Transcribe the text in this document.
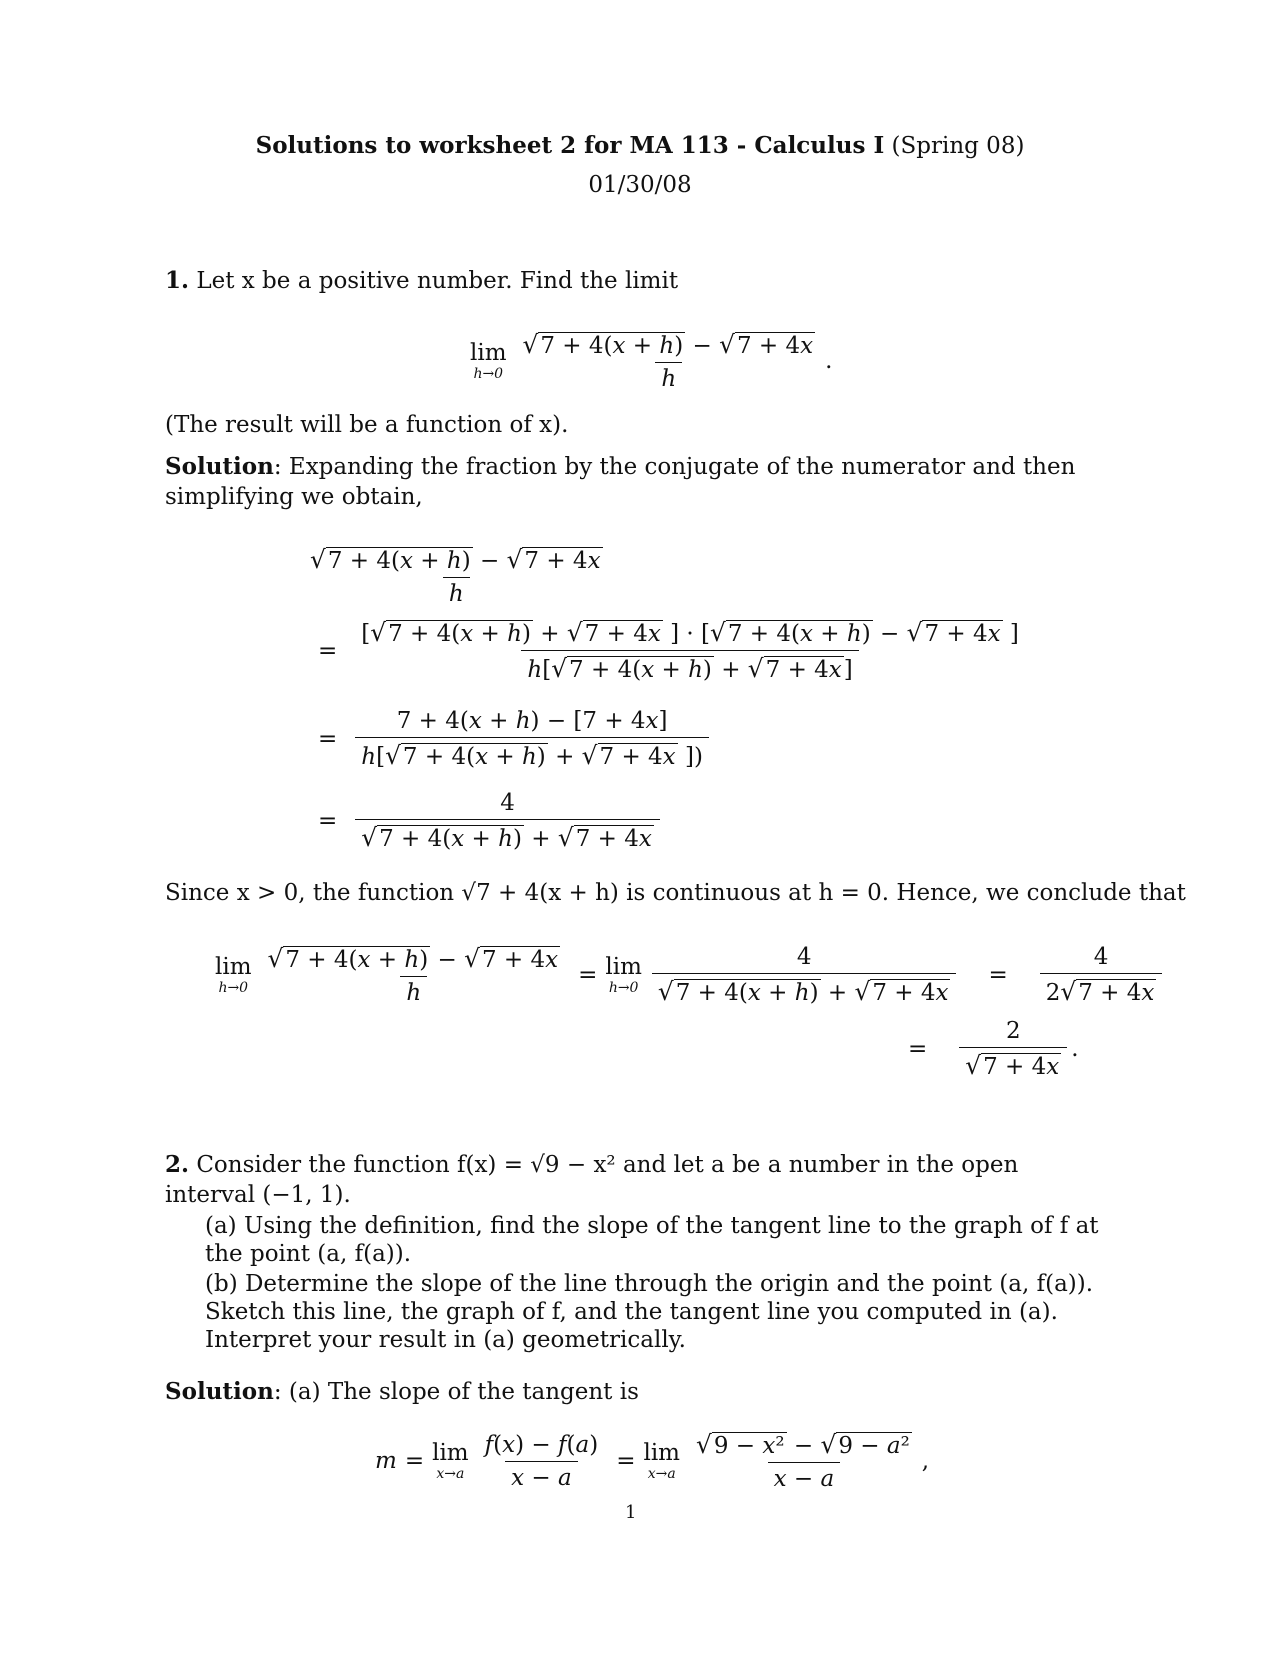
Solutions to worksheet 2 for MA 113 - Calculus I (Spring 08)
01/30/08
1. Let x be a positive number. Find the limit
lim
$h\to 0 \frac{√7 + 4(x + h) - √7 + 4x}{h}$ .
(The result will be a function of x).
Solution: Expanding the fraction by the conjugate of the numerator and then simplifying we obtain,
$\frac{√7 + 4(x + h) - √7 + 4x}{h}$
= $\frac{[√7 + 4(x + h) + √7 + 4x ] \cdot [√7 + 4(x + h) - √7 + 4x ]}{h[√7 + 4(x + h) + √7 + 4x]}$
= $\frac{7 + 4(x + h) - [7 + 4x]}{h[√7 + 4(x + h) + √7 + 4x ])}$
= $\frac{4}{√7 + 4(x + h) + √7 + 4x}$
Since x > 0, the function √7 + 4(x + h) is continuous at h = 0. Hence, we conclude that
lim
$h\to 0 \frac{√7 + 4(x + h) - √7 + 4x}{h} = \lim$
$h\to 0 \frac{4}{√7 + 4(x + h) + √7 + 4x} = \frac{4}{2√7 + 4x}$
= $\frac{2}{√7 + 4x}$ .
2. Consider the function f(x) = √9 − x² and let a be a number in the open interval (−1, 1).
(a) Using the definition, find the slope of the tangent line to the graph of f at the point (a, f(a)).
(b) Determine the slope of the line through the origin and the point (a, f(a)). Sketch this line, the graph of f, and the tangent line you computed in (a). Interpret your result in (a) geometrically.
Solution: (a) The slope of the tangent is
m = lim
$x\to a \frac{f(x) - f(a)}{x - a} = \lim$
$x\to a \frac{\text{√9 − x² − √9 − a²}}{x - a}$ ,
1
